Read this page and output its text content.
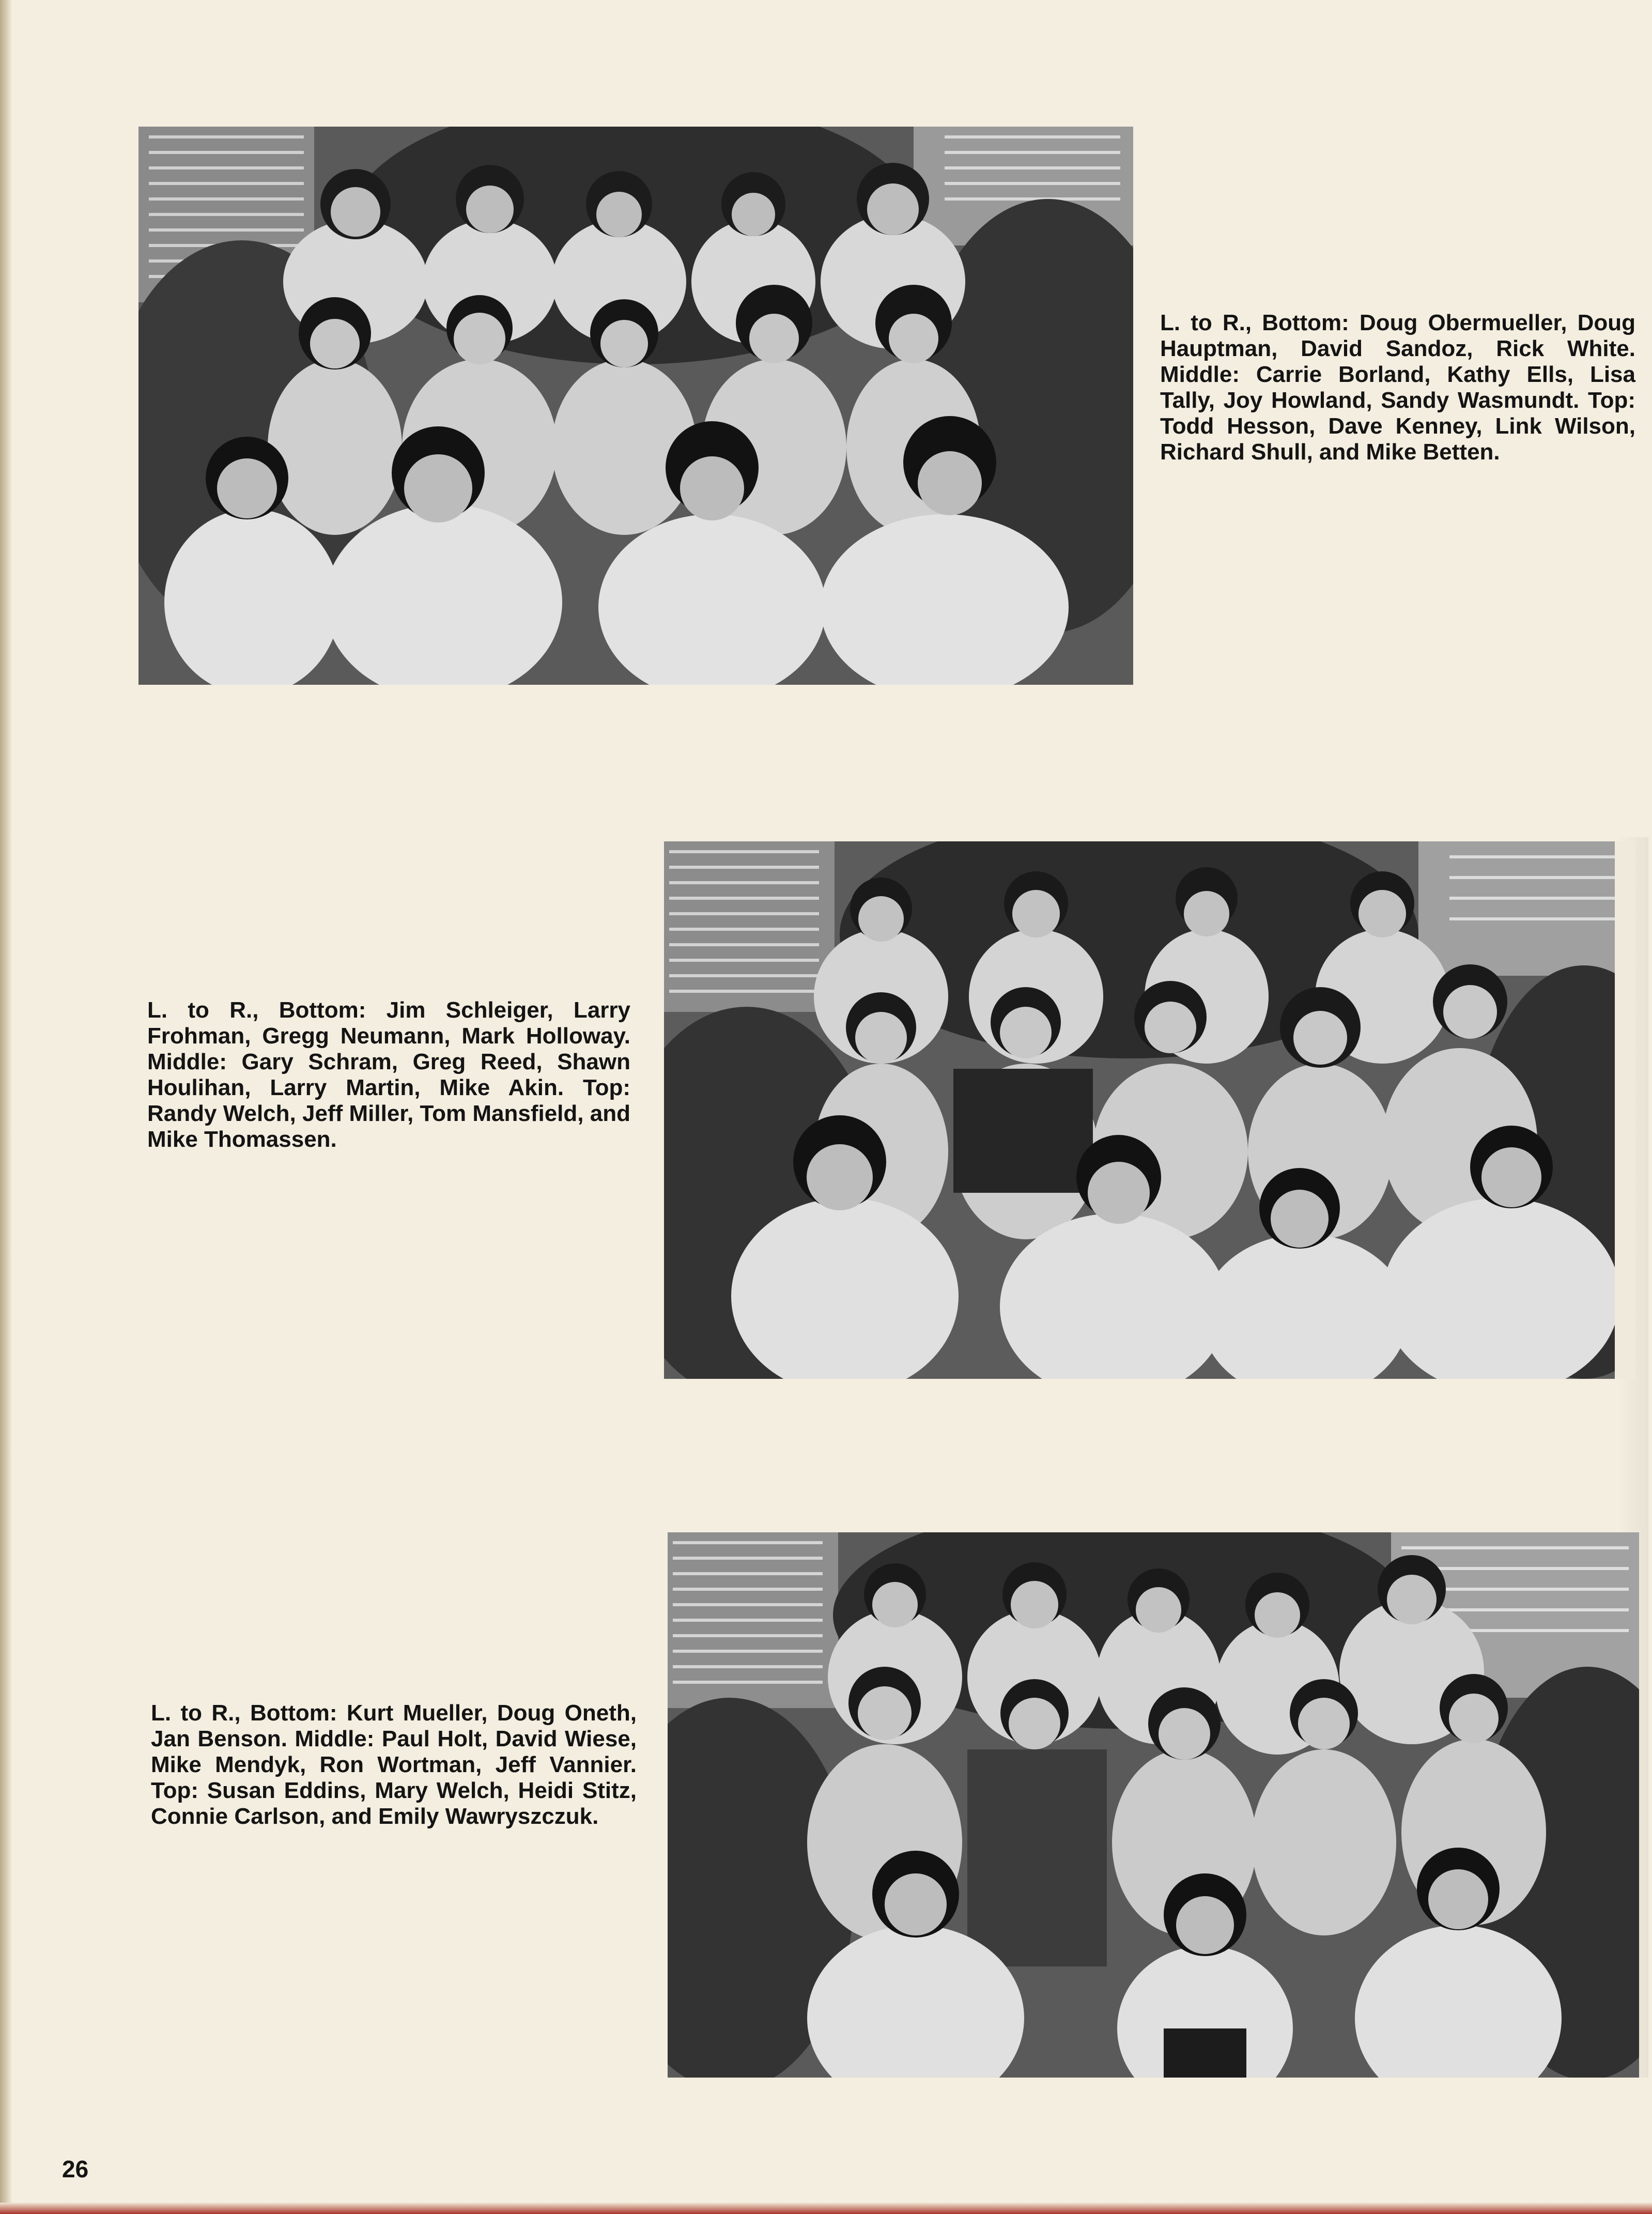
L. to R., Bottom: Doug Obermueller, Doug Hauptman, David Sandoz, Rick White. Middle: Carrie Borland, Kathy Ells, Lisa Tally, Joy Howland, Sandy Wasmundt. Top: Todd Hesson, Dave Kenney, Link Wilson, Richard Shull, and Mike Betten.

L. to R., Bottom: Jim Schleiger, Larry Frohman, Gregg Neumann, Mark Holloway. Middle: Gary Schram, Greg Reed, Shawn Houlihan, Larry Martin, Mike Akin. Top: Randy Welch, Jeff Miller, Tom Mansfield, and Mike Thomassen.

L. to R., Bottom: Kurt Mueller, Doug Oneth, Jan Benson. Middle: Paul Holt, David Wiese, Mike Mendyk, Ron Wortman, Jeff Vannier. Top: Susan Eddins, Mary Welch, Heidi Stitz, Connie Carlson, and Emily Wawryszczuk.

26
